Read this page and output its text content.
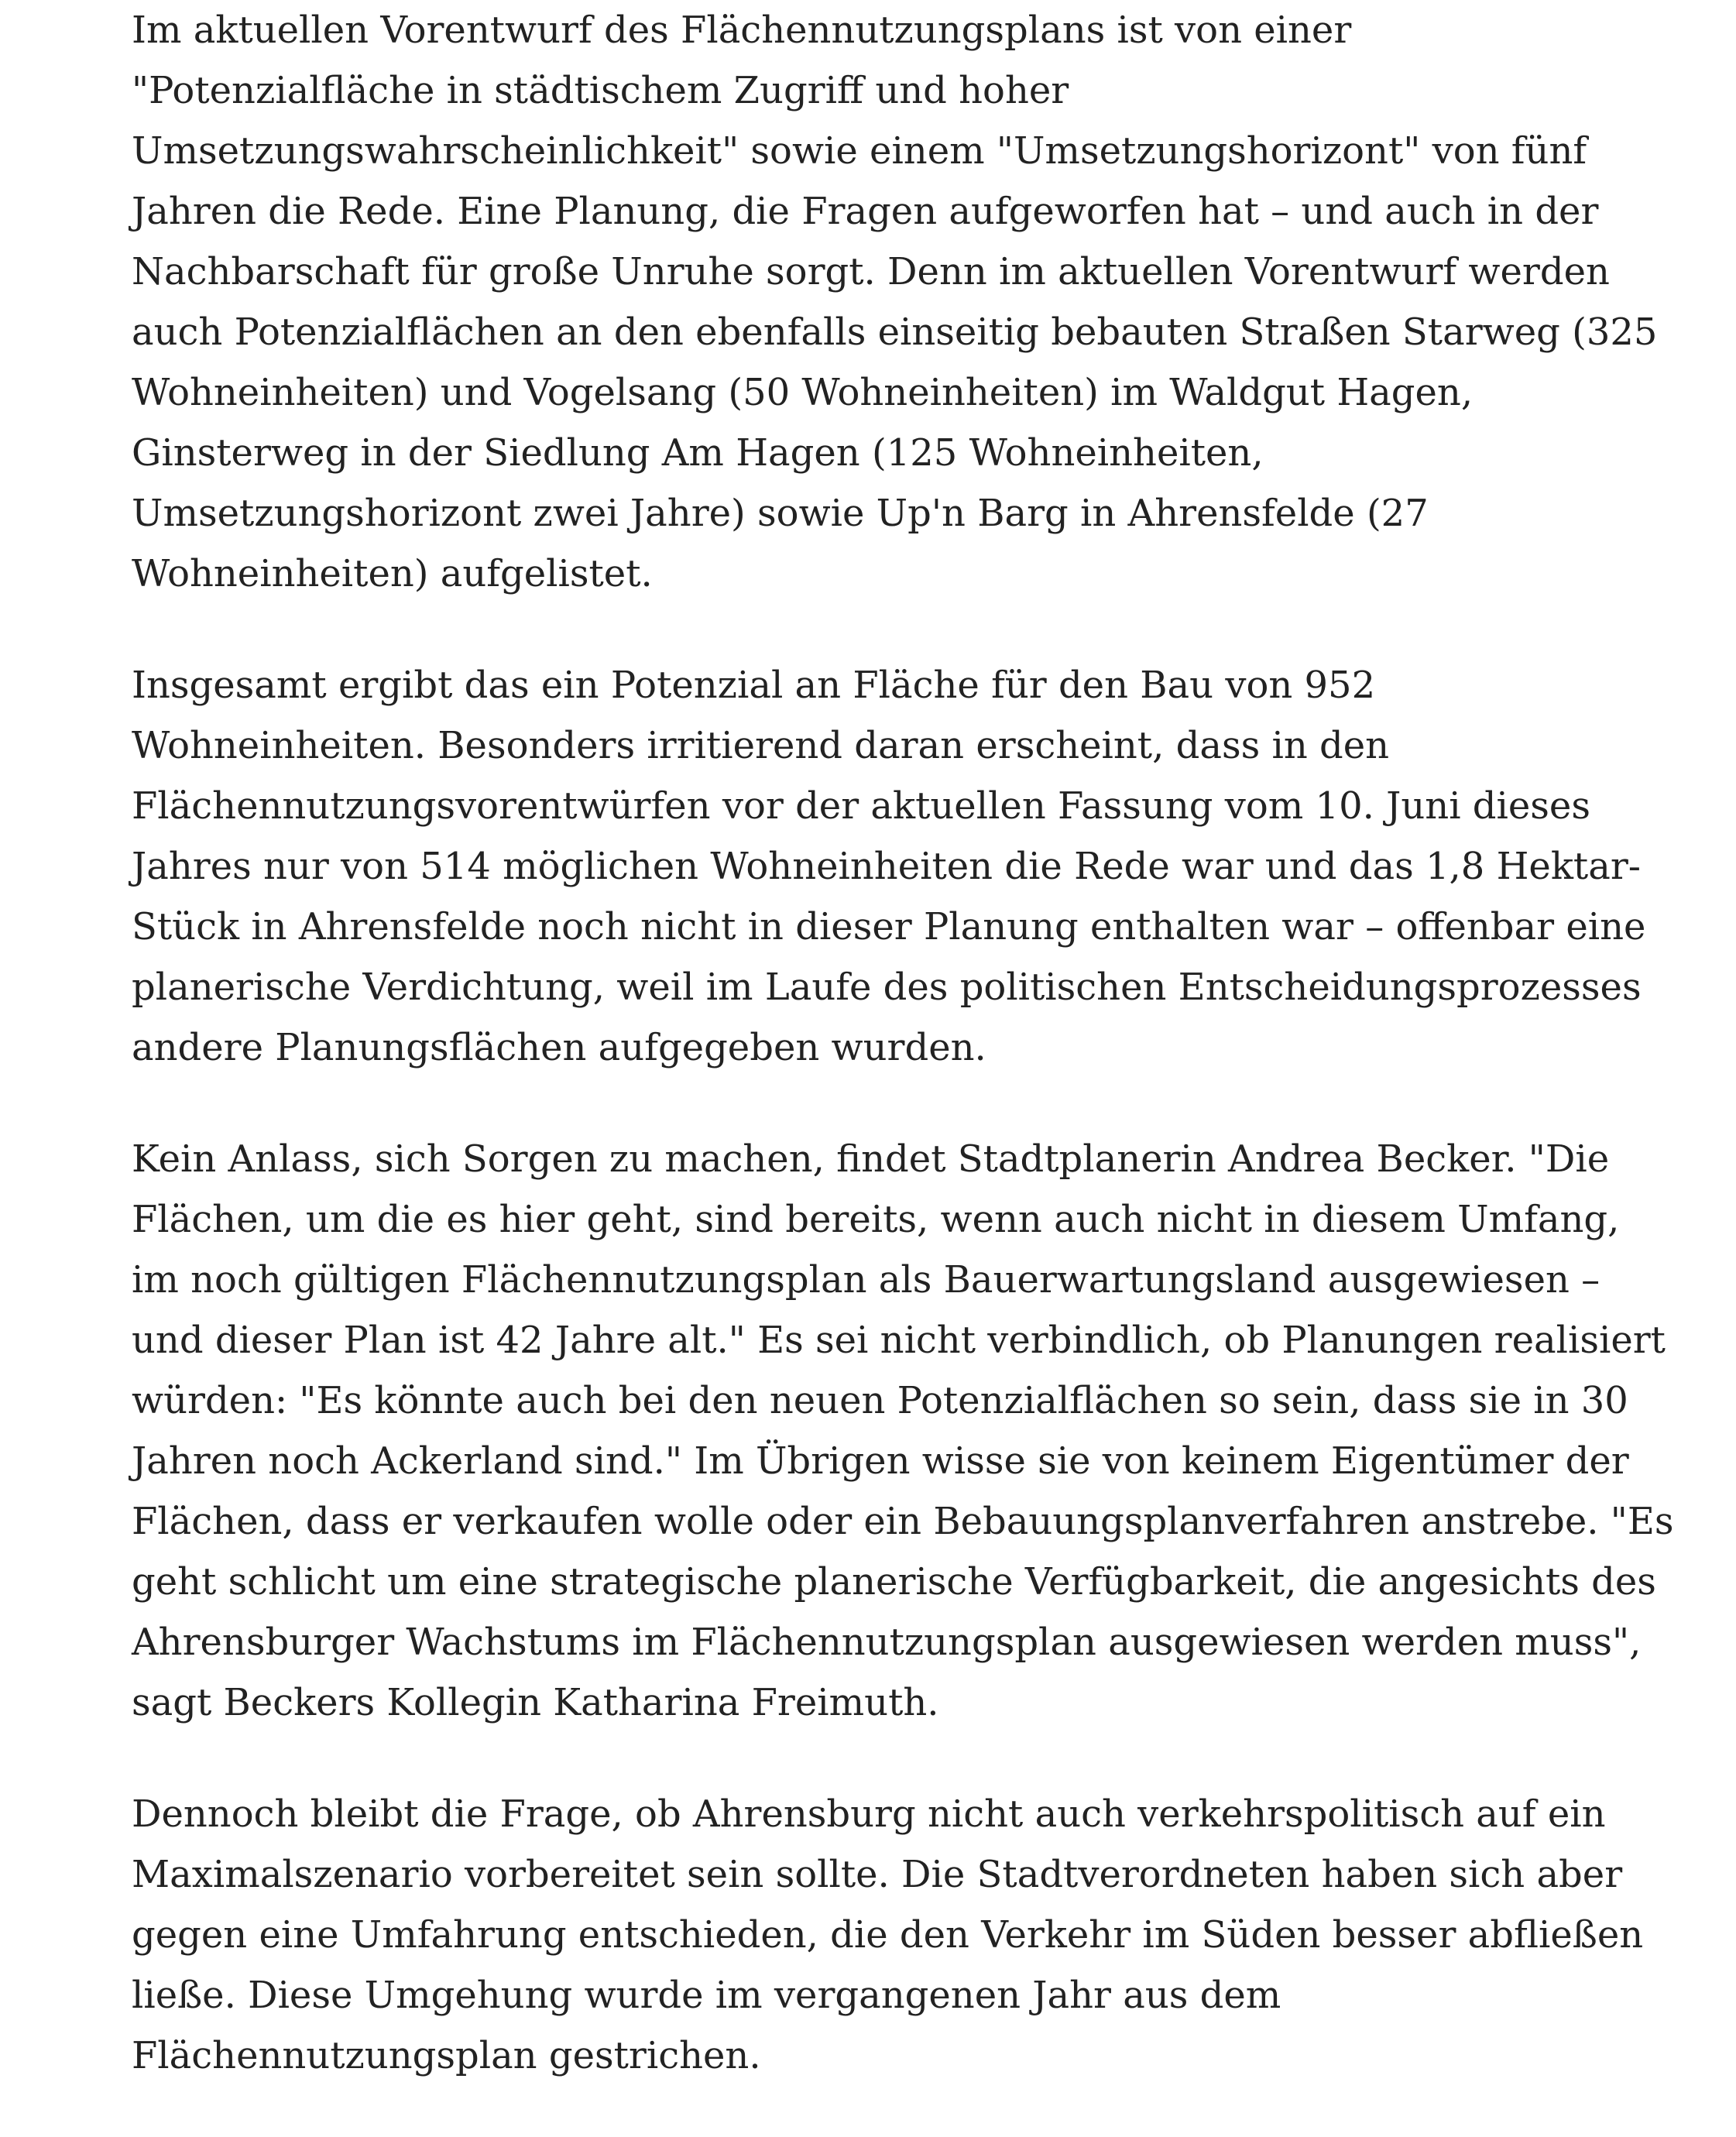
Im aktuellen Vorentwurf des Flächennutzungsplans ist von einer
"Potenzialfläche in städtischem Zugriff und hoher
Umsetzungswahrscheinlichkeit" sowie einem "Umsetzungshorizont" von fünf
Jahren die Rede. Eine Planung, die Fragen aufgeworfen hat – und auch in der
Nachbarschaft für große Unruhe sorgt. Denn im aktuellen Vorentwurf werden
auch Potenzialflächen an den ebenfalls einseitig bebauten Straßen Starweg (325
Wohneinheiten) und Vogelsang (50 Wohneinheiten) im Waldgut Hagen,
Ginsterweg in der Siedlung Am Hagen (125 Wohneinheiten,
Umsetzungshorizont zwei Jahre) sowie Up'n Barg in Ahrensfelde (27
Wohneinheiten) aufgelistet.

Insgesamt ergibt das ein Potenzial an Fläche für den Bau von 952
Wohneinheiten. Besonders irritierend daran erscheint, dass in den
Flächennutzungsvorentwürfen vor der aktuellen Fassung vom 10. Juni dieses
Jahres nur von 514 möglichen Wohneinheiten die Rede war und das 1,8 Hektar-
Stück in Ahrensfelde noch nicht in dieser Planung enthalten war – offenbar eine
planerische Verdichtung, weil im Laufe des politischen Entscheidungsprozesses
andere Planungsflächen aufgegeben wurden.

Kein Anlass, sich Sorgen zu machen, findet Stadtplanerin Andrea Becker. "Die
Flächen, um die es hier geht, sind bereits, wenn auch nicht in diesem Umfang,
im noch gültigen Flächennutzungsplan als Bauerwartungsland ausgewiesen –
und dieser Plan ist 42 Jahre alt." Es sei nicht verbindlich, ob Planungen realisiert
würden: "Es könnte auch bei den neuen Potenzialflächen so sein, dass sie in 30
Jahren noch Ackerland sind." Im Übrigen wisse sie von keinem Eigentümer der
Flächen, dass er verkaufen wolle oder ein Bebauungsplanverfahren anstrebe. "Es
geht schlicht um eine strategische planerische Verfügbarkeit, die angesichts des
Ahrensburger Wachstums im Flächennutzungsplan ausgewiesen werden muss",
sagt Beckers Kollegin Katharina Freimuth.

Dennoch bleibt die Frage, ob Ahrensburg nicht auch verkehrspolitisch auf ein
Maximalszenario vorbereitet sein sollte. Die Stadtverordneten haben sich aber
gegen eine Umfahrung entschieden, die den Verkehr im Süden besser abfließen
ließe. Diese Umgehung wurde im vergangenen Jahr aus dem
Flächennutzungsplan gestrichen.
